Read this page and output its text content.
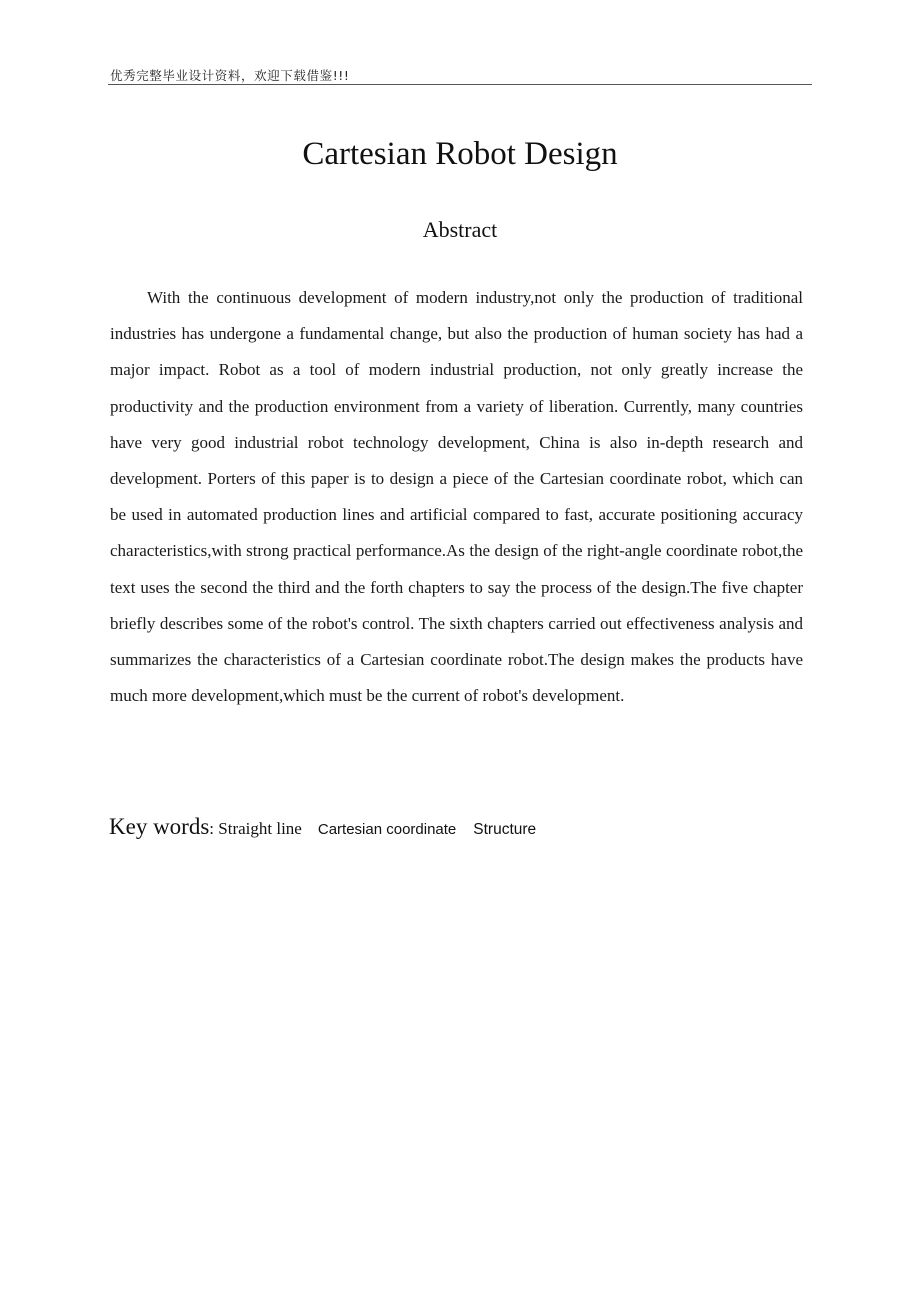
优秀完整毕业设计资料，欢迎下载借鉴!!!
Cartesian Robot Design
Abstract

With the continuous development of modern industry,not only the production of traditional industries has undergone a fundamental change, but also the production of human society has had a major impact. Robot as a tool of modern industrial production, not only greatly increase the productivity and the production environment from a variety of liberation. Currently, many countries have very good industrial robot technology development, China is also in-depth research and development. Porters of this paper is to design a piece of the Cartesian coordinate robot, which can be used in automated production lines and artificial compared to fast, accurate positioning accuracy characteristics,with strong practical performance.As the design of the right-angle coordinate robot,the text uses the second the third and the forth chapters to say the process of the design.The five chapter briefly describes some of the robot's control. The sixth chapters carried out effectiveness analysis and summarizes the characteristics of a Cartesian coordinate robot.The design makes the products have much more development,which must be the current of robot's development.

Key words: Straight line Cartesian coordinate Structure
